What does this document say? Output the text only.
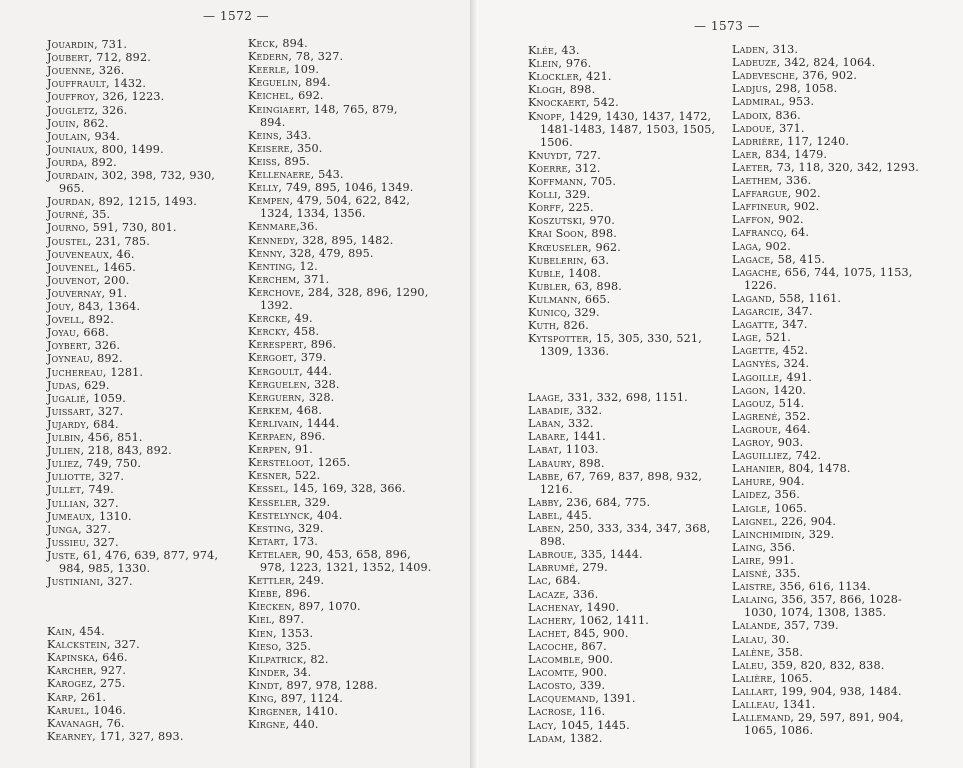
— 1572 —

Jouardin, 731.

Joubert, 712, 892.

Jouenne, 326.

Jouffrault, 1432.

Jouffroy, 326, 1223.

Jougletz, 326.

Jouin, 862.

Joulain, 934.

Jouniaux, 800, 1499.

Jourda, 892.

Jourdain, 302, 398, 732, 930,
965.

Jourdan, 892, 1215, 1493.

Journé, 35.

Journo, 591, 730, 801.

Joustel, 231, 785.

Jouveneaux, 46.

Jouvenel, 1465.

Jouvenot, 200.

Jouvernay, 91.

Jouy, 843, 1364.

Jovell, 892.

Joyau, 668.

Joybert, 326.

Joyneau, 892.

Juchereau, 1281.

Judas, 629.

Jugalié, 1059.

Juissart, 327.

Jujardy, 684.

Julbin, 456, 851.

Julien, 218, 843, 892.

Juliez, 749, 750.

Juliotte, 327.

Jullet, 749.

Jullian, 327.

Jumeaux, 1310.

Junga, 327.

Jussieu, 327.

Juste, 61, 476, 639, 877, 974,
984, 985, 1330.

Justiniani, 327.

Kain, 454.

Kalckstein, 327.

Kapinska, 646.

Karcher, 927.

Karogez, 275.

Karp, 261.

Karuel, 1046.

Kavanagh, 76.

Kearney, 171, 327, 893.

Keck, 894.

Kedern, 78, 327.

Keerle, 109.

Keguelin, 894.

Keichel, 692.

Keingiaert, 148, 765, 879,
894.

Keins, 343.

Keisere, 350.

Keiss, 895.

Kellenaere, 543.

Kelly, 749, 895, 1046, 1349.

Kempen, 479, 504, 622, 842,
1324, 1334, 1356.

Kenmare,36.

Kennedy, 328, 895, 1482.

Kenny, 328, 479, 895.

Kenting, 12.

Kerchem, 371.

Kerchove, 284, 328, 896, 1290,
1392.

Kercke, 49.

Kercky, 458.

Kerespert, 896.

Kergoet, 379.

Kergoult, 444.

Kerguelen, 328.

Kerguern, 328.

Kerkem, 468.

Kerlivain, 1444.

Kerpaen, 896.

Kerpen, 91.

Kersteloot, 1265.

Kesner, 522.

Kessel, 145, 169, 328, 366.

Kesseler, 329.

Kestelynck, 404.

Kesting, 329.

Ketart, 173.

Ketelaer, 90, 453, 658, 896,
978, 1223, 1321, 1352, 1409.

Kettler, 249.

Kiebe, 896.

Kiecken, 897, 1070.

Kiel, 897.

Kien, 1353.

Kieso, 325.

Kilpatrick, 82.

Kinder, 34.

Kindt, 897, 978, 1288.

King, 897, 1124.

Kirgener, 1410.

Kirgne, 440.

— 1573 —

Klée, 43.

Klein, 976.

Klockler, 421.

Klogh, 898.

Knockaert, 542.

Knopf, 1429, 1430, 1437, 1472,
1481-1483, 1487, 1503, 1505,
1506.

Knuydt, 727.

Koerre, 312.

Koffmann, 705.

Kolli, 329.

Korff, 225.

Koszutski, 970.

Krai Soon, 898.

Krœuseler, 962.

Kubelerin, 63.

Kuble, 1408.

Kubler, 63, 898.

Kulmann, 665.

Kunicq, 329.

Kuth, 826.

Kytspotter, 15, 305, 330, 521,
1309, 1336.

Laage, 331, 332, 698, 1151.

Labadie, 332.

Laban, 332.

Labare, 1441.

Labat, 1103.

Labaury, 898.

Labbe, 67, 769, 837, 898, 932,
1216.

Labby, 236, 684, 775.

Label, 445.

Laben, 250, 333, 334, 347, 368,
898.

Labroue, 335, 1444.

Labrumé, 279.

Lac, 684.

Lacaze, 336.

Lachenay, 1490.

Lachery, 1062, 1411.

Lachet, 845, 900.

Lacoche, 867.

Lacomble, 900.

Lacomte, 900.

Lacosto, 339.

Lacquemand, 1391.

Lacrose, 116.

Lacy, 1045, 1445.

Ladam, 1382.

Laden, 313.

Ladeuze, 342, 824, 1064.

Ladevesche, 376, 902.

Ladjus, 298, 1058.

Ladmiral, 953.

Ladoix, 836.

Ladoue, 371.

Ladrière, 117, 1240.

Laer, 834, 1479.

Laeter, 73, 118, 320, 342, 1293.

Laethem, 336.

Laffargue, 902.

Laffineur, 902.

Laffon, 902.

Lafrancq, 64.

Laga, 902.

Lagace, 58, 415.

Lagache, 656, 744, 1075, 1153,
1226.

Lagand, 558, 1161.

Lagarcie, 347.

Lagatte, 347.

Lage, 521.

Lagette, 452.

Lagnyès, 324.

Lagoille, 491.

Lagon, 1420.

Lagouz, 514.

Lagrené, 352.

Lagroue, 464.

Lagroy, 903.

Laguilliez, 742.

Lahanier, 804, 1478.

Lahure, 904.

Laidez, 356.

Laigle, 1065.

Laignel, 226, 904.

Lainchimidin, 329.

Laing, 356.

Laire, 991.

Laisné, 335.

Laistre, 356, 616, 1134.

Lalaing, 356, 357, 866, 1028-
1030, 1074, 1308, 1385.

Lalande, 357, 739.

Lalau, 30.

Lalène, 358.

Laleu, 359, 820, 832, 838.

Lalière, 1065.

Lallart, 199, 904, 938, 1484.

Lalleau, 1341.

Lallemand, 29, 597, 891, 904,
1065, 1086.
